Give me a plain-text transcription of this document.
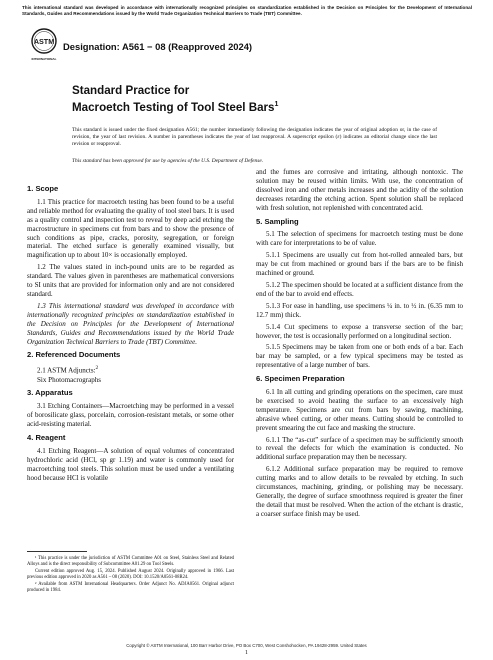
This international standard was developed in accordance with internationally recognized principles on standardization established in the Decision on Principles for the Development of International Standards, Guides and Recommendations issued by the World Trade Organization Technical Barriers to Trade (TBT) Committee.
ASTM
INTERNATIONAL
Designation: A561 − 08 (Reapproved 2024)
Standard Practice for
Macroetch Testing of Tool Steel Bars$^1$
This standard is issued under the fixed designation A561; the number immediately following the designation indicates the year of original adoption or, in the case of revision, the year of last revision. A number in parentheses indicates the year of last reapproval. A superscript epsilon (ε) indicates an editorial change since the last revision or reapproval.
This standard has been approved for use by agencies of the U.S. Department of Defense.
1. Scope
1.1 This practice for macroetch testing has been found to be a useful and reliable method for evaluating the quality of tool steel bars. It is used as a quality control and inspection test to reveal by deep acid etching the macrostructure in specimens cut from bars and to show the presence of such conditions as pipe, cracks, porosity, segregation, or foreign material. The etched surface is generally examined visually, but magnification up to about 10× is occasionally employed.
1.2 The values stated in inch-pound units are to be regarded as standard. The values given in parentheses are mathematical conversions to SI units that are provided for information only and are not considered standard.
1.3 This international standard was developed in accordance with internationally recognized principles on standardization established in the Decision on Principles for the Development of International Standards, Guides and Recommendations issued by the World Trade Organization Technical Barriers to Trade (TBT) Committee.
2. Referenced Documents
2.1 ASTM Adjuncts:$^2$
Six Photomacrographs
3. Apparatus
3.1 Etching Containers—Macroetching may be performed in a vessel of borosilicate glass, porcelain, corrosion-resistant metals, or some other acid-resisting material.
4. Reagent
4.1 Etching Reagent—A solution of equal volumes of concentrated hydrochloric acid (HCl, sp gr 1.19) and water is commonly used for macroetching tool steels. This solution must be used under a ventilating hood because HCl is volatile
and the fumes are corrosive and irritating, although nontoxic. The solution may be reused within limits. With use, the concentration of dissolved iron and other metals increases and the acidity of the solution decreases retarding the etching action. Spent solution shall be replaced with fresh solution, not replenished with concentrated acid.
5. Sampling
5.1 The selection of specimens for macroetch testing must be done with care for interpretations to be of value.
5.1.1 Specimens are usually cut from hot-rolled annealed bars, but may be cut from machined or ground bars if the bars are to be finish machined or ground.
5.1.2 The specimen should be located at a sufficient distance from the end of the bar to avoid end effects.
5.1.3 For ease in handling, use specimens ¼ in. to ½ in. (6.35 mm to 12.7 mm) thick.
5.1.4 Cut specimens to expose a transverse section of the bar; however, the test is occasionally performed on a longitudinal section.
5.1.5 Specimens may be taken from one or both ends of a bar. Each bar may be sampled, or a few typical specimens may be tested as representative of a large number of bars.
6. Specimen Preparation
6.1 In all cutting and grinding operations on the specimen, care must be exercised to avoid heating the surface to an excessively high temperature. Specimens are cut from bars by sawing, machining, abrasive wheel cutting, or other means. Cutting should be controlled to prevent smearing the cut face and masking the structure.
6.1.1 The “as-cut” surface of a specimen may be sufficiently smooth to reveal the defects for which the examination is conducted. No additional surface preparation may then be necessary.
6.1.2 Additional surface preparation may be required to remove cutting marks and to allow details to be revealed by etching. In such circumstances, machining, grinding, or polishing may be necessary. Generally, the degree of surface smoothness required is greater the finer the detail that must be resolved. When the action of the etchant is drastic, a coarser surface finish may be used.
¹ This practice is under the jurisdiction of ASTM Committee A01 on Steel, Stainless Steel and Related Alloys and is the direct responsibility of Subcommittee A01.29 on Tool Steels.
Current edition approved Aug. 15, 2024. Published August 2024. Originally approved in 1966. Last previous edition approved in 2020 as A561 – 08 (2020). DOI: 10.1520/A0561-08R24.
² Available from ASTM International Headquarters. Order Adjunct No. ADJA0561. Original adjunct produced in 1984.
Copyright © ASTM International, 100 Barr Harbor Drive, PO Box C700, West Conshohocken, PA 19428-2959. United States
1
